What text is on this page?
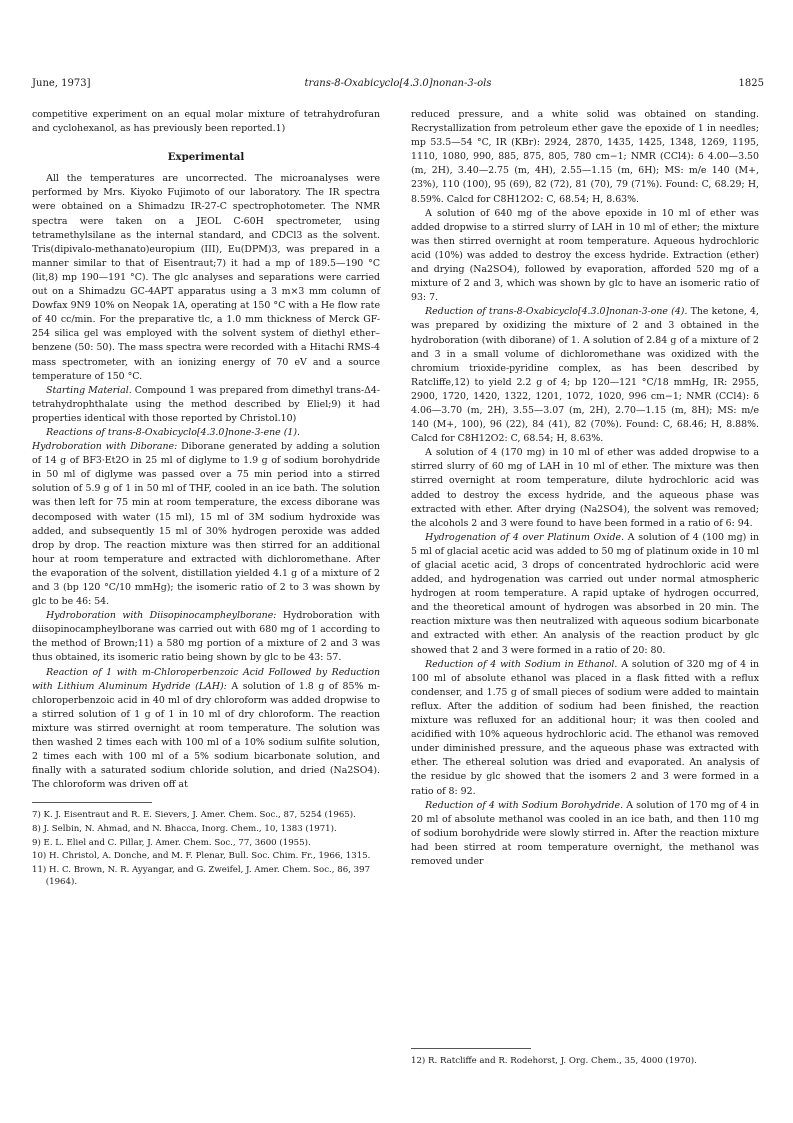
June, 1973]	trans-8-Oxabicyclo[4.3.0]nonan-3-ols	1825

competitive experiment on an equal molar mixture of tetrahydrofuran and cyclohexanol, as has previously been reported.1)

Experimental

All the temperatures are uncorrected. The microanalyses were performed by Mrs. Kiyoko Fujimoto of our laboratory. The IR spectra were obtained on a Shimadzu IR-27-C spectrophotometer. The NMR spectra were taken on a JEOL C-60H spectrometer, using tetramethylsilane as the internal standard, and CDCl3 as the solvent. Tris(dipivalo-methanato)europium (III), Eu(DPM)3, was prepared in a manner similar to that of Eisentraut;7) it had a mp of 189.5—190 °C (lit,8) mp 190—191 °C). The glc analyses and separations were carried out on a Shimadzu GC-4APT apparatus using a 3 m×3 mm column of Dowfax 9N9 10% on Neopak 1A, operating at 150 °C with a He flow rate of 40 cc/min. For the preparative tlc, a 1.0 mm thickness of Merck GF-254 silica gel was employed with the solvent system of diethyl ether–benzene (50: 50). The mass spectra were recorded with a Hitachi RMS-4 mass spectrometer, with an ionizing energy of 70 eV and a source temperature of 150 °C.

Starting Material. Compound 1 was prepared from dimethyl trans-Δ4-tetrahydrophthalate using the method described by Eliel;9) it had properties identical with those reported by Christol.10)

Reactions of trans-8-Oxabicyclo[4.3.0]none-3-ene (1).

Hydroboration with Diborane: Diborane generated by adding a solution of 14 g of BF3·Et2O in 25 ml of diglyme to 1.9 g of sodium borohydride in 50 ml of diglyme was passed over a 75 min period into a stirred solution of 5.9 g of 1 in 50 ml of THF, cooled in an ice bath. The solution was then left for 75 min at room temperature, the excess diborane was decomposed with water (15 ml), 15 ml of 3M sodium hydroxide was added, and subsequently 15 ml of 30% hydrogen peroxide was added drop by drop. The reaction mixture was then stirred for an additional hour at room temperature and extracted with dichloromethane. After the evaporation of the solvent, distillation yielded 4.1 g of a mixture of 2 and 3 (bp 120 °C/10 mmHg); the isomeric ratio of 2 to 3 was shown by glc to be 46: 54.

Hydroboration with Diisopinocampheylborane: Hydroboration with diisopinocampheylborane was carried out with 680 mg of 1 according to the method of Brown;11) a 580 mg portion of a mixture of 2 and 3 was thus obtained, its isomeric ratio being shown by glc to be 43: 57.

Reaction of 1 with m-Chloroperbenzoic Acid Followed by Reduction with Lithium Aluminum Hydride (LAH): A solution of 1.8 g of 85% m-chloroperbenzoic acid in 40 ml of dry chloroform was added dropwise to a stirred solution of 1 g of 1 in 10 ml of dry chloroform. The reaction mixture was stirred overnight at room temperature. The solution was then washed 2 times each with 100 ml of a 10% sodium sulfite solution, 2 times each with 100 ml of a 5% sodium bicarbonate solution, and finally with a saturated sodium chloride solution, and dried (Na2SO4). The chloroform was driven off at

7) K. J. Eisentraut and R. E. Sievers, J. Amer. Chem. Soc., 87, 5254 (1965).

8) J. Selbin, N. Ahmad, and N. Bhacca, Inorg. Chem., 10, 1383 (1971).

9) E. L. Eliel and C. Pillar, J. Amer. Chem. Soc., 77, 3600 (1955).

10) H. Christol, A. Donche, and M. F. Plenar, Bull. Soc. Chim. Fr., 1966, 1315.

11) H. C. Brown, N. R. Ayyangar, and G. Zweifel, J. Amer. Chem. Soc., 86, 397 (1964).

reduced pressure, and a white solid was obtained on standing. Recrystallization from petroleum ether gave the epoxide of 1 in needles; mp 53.5—54 °C, IR (KBr): 2924, 2870, 1435, 1425, 1348, 1269, 1195, 1110, 1080, 990, 885, 875, 805, 780 cm−1; NMR (CCl4): δ 4.00—3.50 (m, 2H), 3.40—2.75 (m, 4H), 2.55—1.15 (m, 6H); MS: m/e 140 (M+, 23%), 110 (100), 95 (69), 82 (72), 81 (70), 79 (71%). Found: C, 68.29; H, 8.59%. Calcd for C8H12O2: C, 68.54; H, 8.63%.

A solution of 640 mg of the above epoxide in 10 ml of ether was added dropwise to a stirred slurry of LAH in 10 ml of ether; the mixture was then stirred overnight at room temperature. Aqueous hydrochloric acid (10%) was added to destroy the excess hydride. Extraction (ether) and drying (Na2SO4), followed by evaporation, afforded 520 mg of a mixture of 2 and 3, which was shown by glc to have an isomeric ratio of 93: 7.

Reduction of trans-8-Oxabicyclo[4.3.0]nonan-3-one (4). The ketone, 4, was prepared by oxidizing the mixture of 2 and 3 obtained in the hydroboration (with diborane) of 1. A solution of 2.84 g of a mixture of 2 and 3 in a small volume of dichloromethane was oxidized with the chromium trioxide-pyridine complex, as has been described by Ratcliffe,12) to yield 2.2 g of 4; bp 120—121 °C/18 mmHg, IR: 2955, 2900, 1720, 1420, 1322, 1201, 1072, 1020, 996 cm−1; NMR (CCl4): δ 4.06—3.70 (m, 2H), 3.55—3.07 (m, 2H), 2.70—1.15 (m, 8H); MS: m/e 140 (M+, 100), 96 (22), 84 (41), 82 (70%). Found: C, 68.46; H, 8.88%. Calcd for C8H12O2: C, 68.54; H, 8.63%.

A solution of 4 (170 mg) in 10 ml of ether was added dropwise to a stirred slurry of 60 mg of LAH in 10 ml of ether. The mixture was then stirred overnight at room temperature, dilute hydrochloric acid was added to destroy the excess hydride, and the aqueous phase was extracted with ether. After drying (Na2SO4), the solvent was removed; the alcohols 2 and 3 were found to have been formed in a ratio of 6: 94.

Hydrogenation of 4 over Platinum Oxide. A solution of 4 (100 mg) in 5 ml of glacial acetic acid was added to 50 mg of platinum oxide in 10 ml of glacial acetic acid, 3 drops of concentrated hydrochloric acid were added, and hydrogenation was carried out under normal atmospheric hydrogen at room temperature. A rapid uptake of hydrogen occurred, and the theoretical amount of hydrogen was absorbed in 20 min. The reaction mixture was then neutralized with aqueous sodium bicarbonate and extracted with ether. An analysis of the reaction product by glc showed that 2 and 3 were formed in a ratio of 20: 80.

Reduction of 4 with Sodium in Ethanol. A solution of 320 mg of 4 in 100 ml of absolute ethanol was placed in a flask fitted with a reflux condenser, and 1.75 g of small pieces of sodium were added to maintain reflux. After the addition of sodium had been finished, the reaction mixture was refluxed for an additional hour; it was then cooled and acidified with 10% aqueous hydrochloric acid. The ethanol was removed under diminished pressure, and the aqueous phase was extracted with ether. The ethereal solution was dried and evaporated. An analysis of the residue by glc showed that the isomers 2 and 3 were formed in a ratio of 8: 92.

Reduction of 4 with Sodium Borohydride. A solution of 170 mg of 4 in 20 ml of absolute methanol was cooled in an ice bath, and then 110 mg of sodium borohydride were slowly stirred in. After the reaction mixture had been stirred at room temperature overnight, the methanol was removed under

12) R. Ratcliffe and R. Rodehorst, J. Org. Chem., 35, 4000 (1970).
